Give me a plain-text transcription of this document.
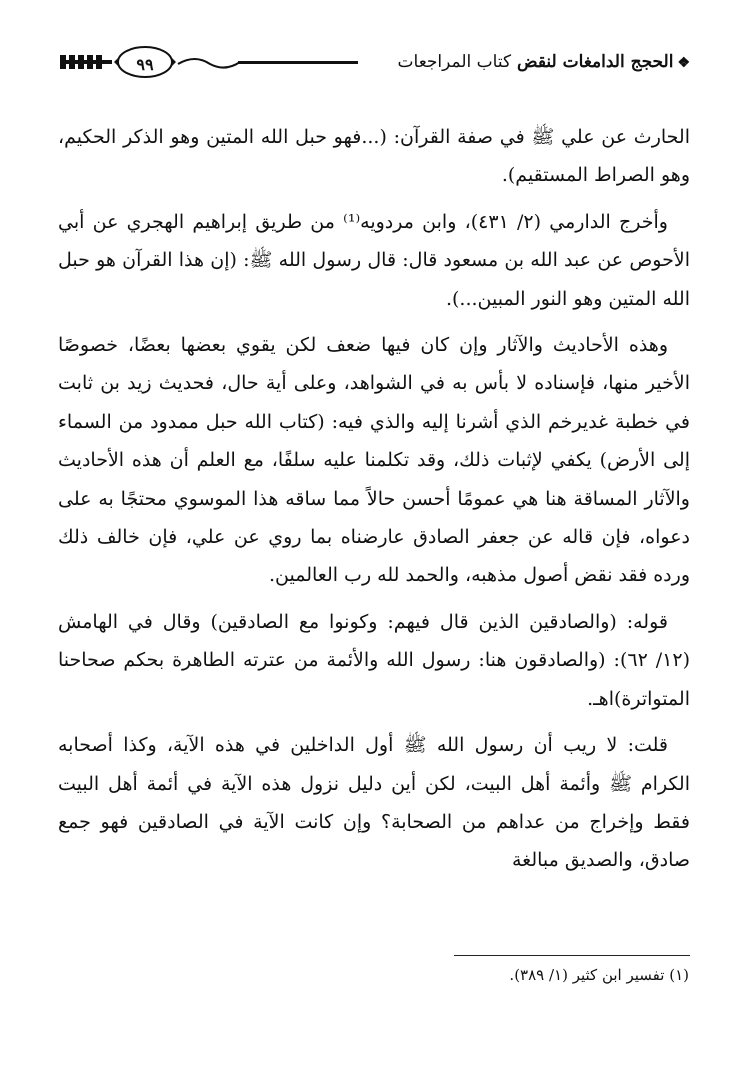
٩٩	❖الحجج الدامغات لنقض كتاب المراجعات

الحارث عن علي ﷺ في صفة القرآن: (...فهو حبل الله المتين وهو الذكر الحكيم، وهو الصراط المستقيم).

وأخرج الدارمي (٢/ ٤٣١)، وابن مردويه⁽¹⁾ من طريق إبراهيم الهجري عن أبي الأحوص عن عبد الله بن مسعود قال: قال رسول الله ﷺ: (إن هذا القرآن هو حبل الله المتين وهو النور المبين...).

وهذه الأحاديث والآثار وإن كان فيها ضعف لكن يقوي بعضها بعضًا، خصوصًا الأخير منها، فإسناده لا بأس به في الشواهد، وعلى أية حال، فحديث زيد بن ثابت في خطبة غديرخم الذي أشرنا إليه والذي فيه: (كتاب الله حبل ممدود من السماء إلى الأرض) يكفي لإثبات ذلك، وقد تكلمنا عليه سلفًا، مع العلم أن هذه الأحاديث والآثار المساقة هنا هي عمومًا أحسن حالاً مما ساقه هذا الموسوي محتجًا به على دعواه، فإن قاله عن جعفر الصادق عارضناه بما روي عن علي، فإن خالف ذلك ورده فقد نقض أصول مذهبه، والحمد لله رب العالمين.

قوله: (والصادقين الذين قال فيهم: وكونوا مع الصادقين) وقال في الهامش (١٢/ ٦٢): (والصادقون هنا: رسول الله والأئمة من عترته الطاهرة بحكم صحاحنا المتواترة)اهـ.

قلت: لا ريب أن رسول الله ﷺ أول الداخلين في هذه الآية، وكذا أصحابه الكرام ﷺ وأئمة أهل البيت، لكن أين دليل نزول هذه الآية في أئمة أهل البيت فقط وإخراج من عداهم من الصحابة؟ وإن كانت الآية في الصادقين فهو جمع صادق، والصديق مبالغة

(١) تفسير ابن كثير (١/ ٣٨٩).
